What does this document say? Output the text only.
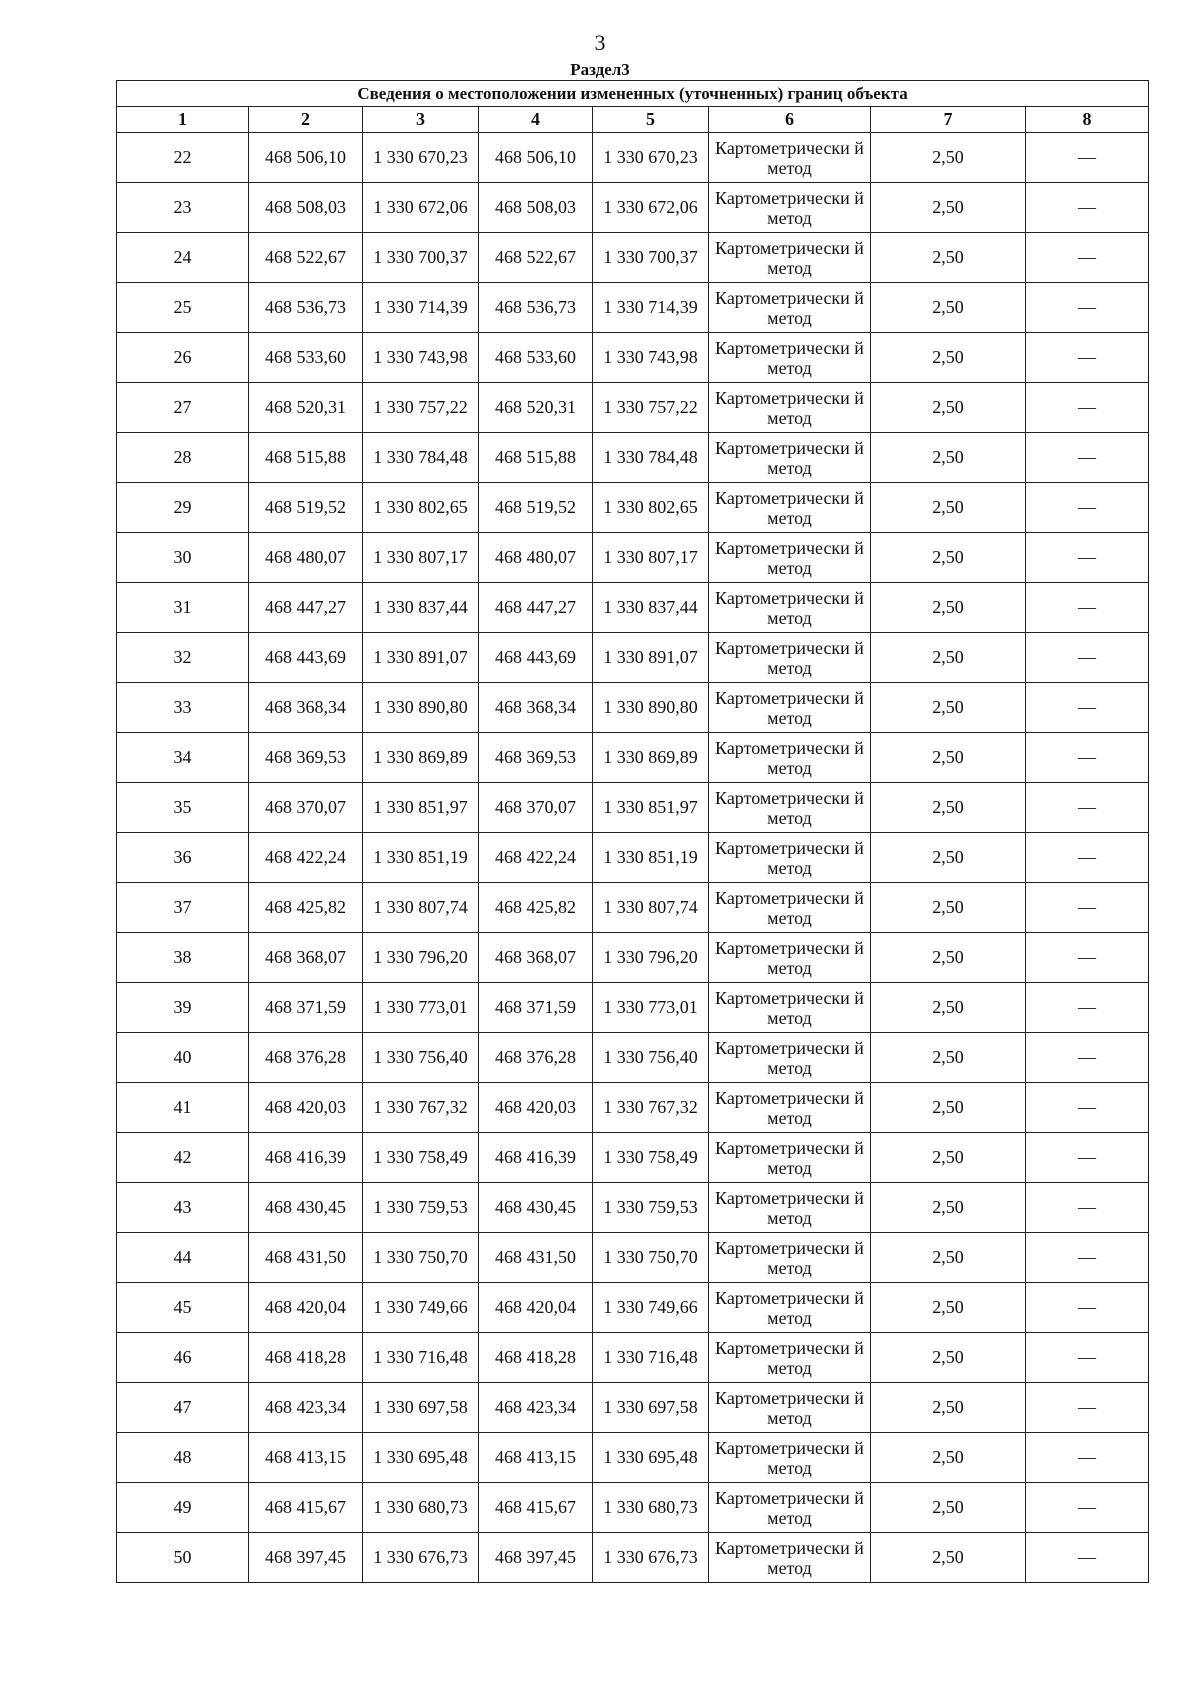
3
Раздел3
Сведения о местоположении измененных (уточненных) границ объекта							
1	2	3	4	5	6	7	8
22	468 506,10	1 330 670,23	468 506,10	1 330 670,23	Картометрически й метод	2,50	—
23	468 508,03	1 330 672,06	468 508,03	1 330 672,06	Картометрически й метод	2,50	—
24	468 522,67	1 330 700,37	468 522,67	1 330 700,37	Картометрически й метод	2,50	—
25	468 536,73	1 330 714,39	468 536,73	1 330 714,39	Картометрически й метод	2,50	—
26	468 533,60	1 330 743,98	468 533,60	1 330 743,98	Картометрически й метод	2,50	—
27	468 520,31	1 330 757,22	468 520,31	1 330 757,22	Картометрически й метод	2,50	—
28	468 515,88	1 330 784,48	468 515,88	1 330 784,48	Картометрически й метод	2,50	—
29	468 519,52	1 330 802,65	468 519,52	1 330 802,65	Картометрически й метод	2,50	—
30	468 480,07	1 330 807,17	468 480,07	1 330 807,17	Картометрически й метод	2,50	—
31	468 447,27	1 330 837,44	468 447,27	1 330 837,44	Картометрически й метод	2,50	—
32	468 443,69	1 330 891,07	468 443,69	1 330 891,07	Картометрически й метод	2,50	—
33	468 368,34	1 330 890,80	468 368,34	1 330 890,80	Картометрически й метод	2,50	—
34	468 369,53	1 330 869,89	468 369,53	1 330 869,89	Картометрически й метод	2,50	—
35	468 370,07	1 330 851,97	468 370,07	1 330 851,97	Картометрически й метод	2,50	—
36	468 422,24	1 330 851,19	468 422,24	1 330 851,19	Картометрически й метод	2,50	—
37	468 425,82	1 330 807,74	468 425,82	1 330 807,74	Картометрически й метод	2,50	—
38	468 368,07	1 330 796,20	468 368,07	1 330 796,20	Картометрически й метод	2,50	—
39	468 371,59	1 330 773,01	468 371,59	1 330 773,01	Картометрически й метод	2,50	—
40	468 376,28	1 330 756,40	468 376,28	1 330 756,40	Картометрически й метод	2,50	—
41	468 420,03	1 330 767,32	468 420,03	1 330 767,32	Картометрически й метод	2,50	—
42	468 416,39	1 330 758,49	468 416,39	1 330 758,49	Картометрически й метод	2,50	—
43	468 430,45	1 330 759,53	468 430,45	1 330 759,53	Картометрически й метод	2,50	—
44	468 431,50	1 330 750,70	468 431,50	1 330 750,70	Картометрически й метод	2,50	—
45	468 420,04	1 330 749,66	468 420,04	1 330 749,66	Картометрически й метод	2,50	—
46	468 418,28	1 330 716,48	468 418,28	1 330 716,48	Картометрически й метод	2,50	—
47	468 423,34	1 330 697,58	468 423,34	1 330 697,58	Картометрически й метод	2,50	—
48	468 413,15	1 330 695,48	468 413,15	1 330 695,48	Картометрически й метод	2,50	—
49	468 415,67	1 330 680,73	468 415,67	1 330 680,73	Картометрически й метод	2,50	—
50	468 397,45	1 330 676,73	468 397,45	1 330 676,73	Картометрически й метод	2,50	—
